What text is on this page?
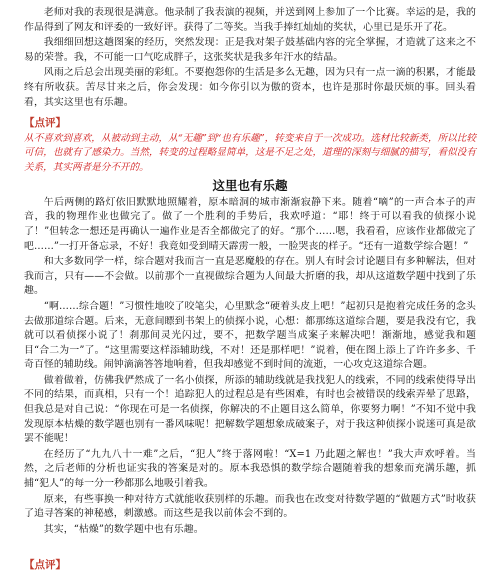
老师对我的表现很是满意。他录制了我表演的视频，并送到网上参加了一个比赛。幸运的是，我的作品得到了网友和评委的一致好评。获得了二等奖。当我手捧红灿灿的奖状，心里已是乐开了花。

我细细回想这趟图案的经历，突然发现：正是我对架子鼓基础内容的完全掌握，才造就了这来之不易的荣誉。我，不可能一口气吃成胖子，这张奖状是我多年汗水的结晶。

风雨之后总会出现美丽的彩虹。不要抱怨你的生活是多么无趣，因为只有一点一滴的积累，才能最终有所收获。苦尽甘来之后，你会发现：如今你引以为傲的资本，也许是那时你最厌烦的事。回头看看，其实这里也有乐趣。

【点评】

从不喜欢到喜欢，从被动到主动，从“无趣”到“也有乐趣”，转变来自于一次成功。选材比较新类，所以比较可信，也就有了感染力。当然，转变的过程略显简单，这是不足之处，道理的深刻与细腻的描写，看似没有关系，其实两者是分不开的。

这里也有乐趣

午后两侧的路灯依旧默默地照耀着，原本暗洞的城市渐渐寂静下来。随着“嘀”的一声合本子的声音，我的物理作业也做完了。做了一个胜利的手势后，我欢呼道：“耶！终于可以看我的侦探小说了！”但转念一想还是再确认一遍作业是否全都做完了的好。“那个……嗯，我看看，应该作业都做完了吧……”一打开备忘录，不好！我竟如受到晴天霹雳一般，一脸哭丧的样子。“还有一道数学综合题！”

和大多数同学一样，综合题对我而言一直是恶魔般的存在。别人有时会讨论题目有多种解法，但对我而言，只有——不会做。以前那个一直视做综合题为人间最大折磨的我，却从这道数学题中找到了乐趣。

“啊……综合题！”习惯性地咬了咬笔尖，心里默念“硬着头皮上吧！”起初只是抱着完成任务的念头去做那道综合题。后来，无意间瞟到书架上的侦探小说，心想：都那练这道综合题，要是我没有它，我就可以看侦探小说了！刹那间灵光闪过，要不，把数学题当成案子来解决吧！渐渐地，感觉我和题目“合二为一”了。“这里需要这样添辅助线，不对！还是那样吧！”说着，便在图上添上了许许多多、千奇百怪的辅助线。闹钟滴滴答答地响着，但我却感觉不到时间的流逝，一心攻克这道综合题。

做着做着，仿佛我俨然成了一名小侦探，所添的辅助线就是我找犯人的线索，不同的线索使得导出不同的结果，而真相，只有一个！追踪犯人的过程总是有些困难，有时也会被错误的线索弄晕了思路，但我总是对自己说：“你现在可是一名侦探，你解决的不止题目这么简单，你要努力啊！”不知不觉中我发现原本枯燥的数学题也别有一番风味呢！把解数学题想象成破案子，对于我这种侦探小说迷可真是欲罢不能呢！

在经历了“九九八十一难”之后，“犯人”终于落网啦！“X=1 乃此题之解也！”我大声欢呼着。当然，之后老师的分析也证实我的答案是对的。原本我恐惧的数学综合题随着我的想象而充满乐趣，抓捕“犯人”的每一分一秒都那么地吸引着我。

原来，有些事换一种对待方式就能收获别样的乐趣。而我也在改变对待数学题的“做题方式”时收获了追寻答案的神秘感，刺激感。而这些是我以前体会不到的。

其实，“枯燥”的数学题中也有乐趣。

【点评】
